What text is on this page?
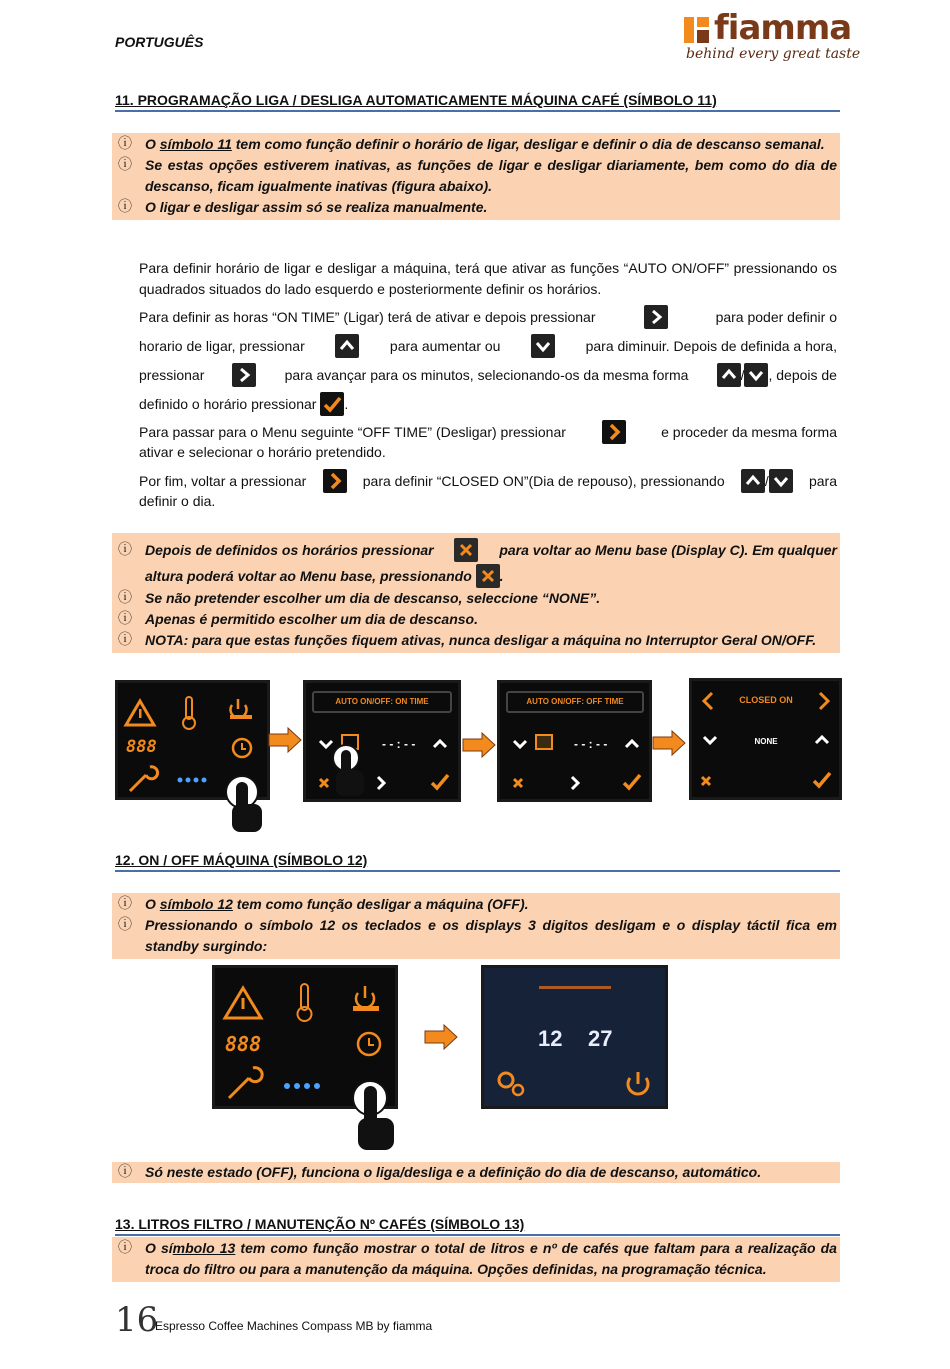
PORTUGUÊS	fiamma
behind every great taste
11. PROGRAMAÇÃO LIGA / DESLIGA AUTOMATICAMENTE MÁQUINA CAFÉ (SÍMBOLO 11)
ⓘ O símbolo 11 tem como função definir o horário de ligar, desligar e definir o dia de descanso semanal.
ⓘ Se estas opções estiverem inativas, as funções de ligar e desligar diariamente, bem como do dia de descanso, ficam igualmente inativas (figura abaixo).
ⓘ O ligar e desligar assim só se realiza manualmente.
Para definir horário de ligar e desligar a máquina, terá que ativar as funções “AUTO ON/OFF” pressionando os quadrados situados do lado esquerdo e posteriormente definir os horários.
Para definir as horas “ON TIME” (Ligar) terá de ativar e depois pressionar	para poder definir o
horario de ligar, pressionar	para aumentar ou	para diminuir. Depois de definida a hora,
pressionar	para avançar para os minutos, selecionando-os da mesma forma	/ , depois de
definido o horário pressionar
.
Para passar para o Menu seguinte “OFF TIME” (Desligar) pressionar	e proceder da mesma forma
ativar e selecionar o horário pretendido.
Por fim, voltar a pressionar	para definir “CLOSED ON”(Dia de repouso), pressionando	/	para
definir o dia.
ⓘ Depois de definidos os horários pressionar	para voltar ao Menu base (Display C). Em qualquer
altura poderá voltar ao Menu base, pressionando
.
ⓘ Se não pretender escolher um dia de descanso, seleccione “NONE”.
ⓘ Apenas é permitido escolher um dia de descanso.
ⓘ NOTA: para que estas funções fiquem ativas, nunca desligar a máquina no Interruptor Geral ON/OFF.
888
AUTO ON/OFF: ON TIME
- - : - -
AUTO ON/OFF: OFF TIME
- - : - -
CLOSED ON
NONE
12. ON / OFF MÁQUINA (SÍMBOLO 12)
ⓘ O símbolo 12 tem como função desligar a máquina (OFF).
ⓘ Pressionando o símbolo 12 os teclados e os displays 3 digitos desligam e o display táctil fica em standby surgindo:
888	12 27
ⓘ Só neste estado (OFF), funciona o liga/desliga e a definição do dia de descanso, automático.
13. LITROS FILTRO / MANUTENÇÃO Nº CAFÉS (SÍMBOLO 13)
ⓘ O símbolo 13 tem como função mostrar o total de litros e nº de cafés que faltam para a realização da troca do filtro ou para a manutenção da máquina. Opções definidas, na programação técnica.
16
Espresso Coffee Machines Compass MB by fiamma
